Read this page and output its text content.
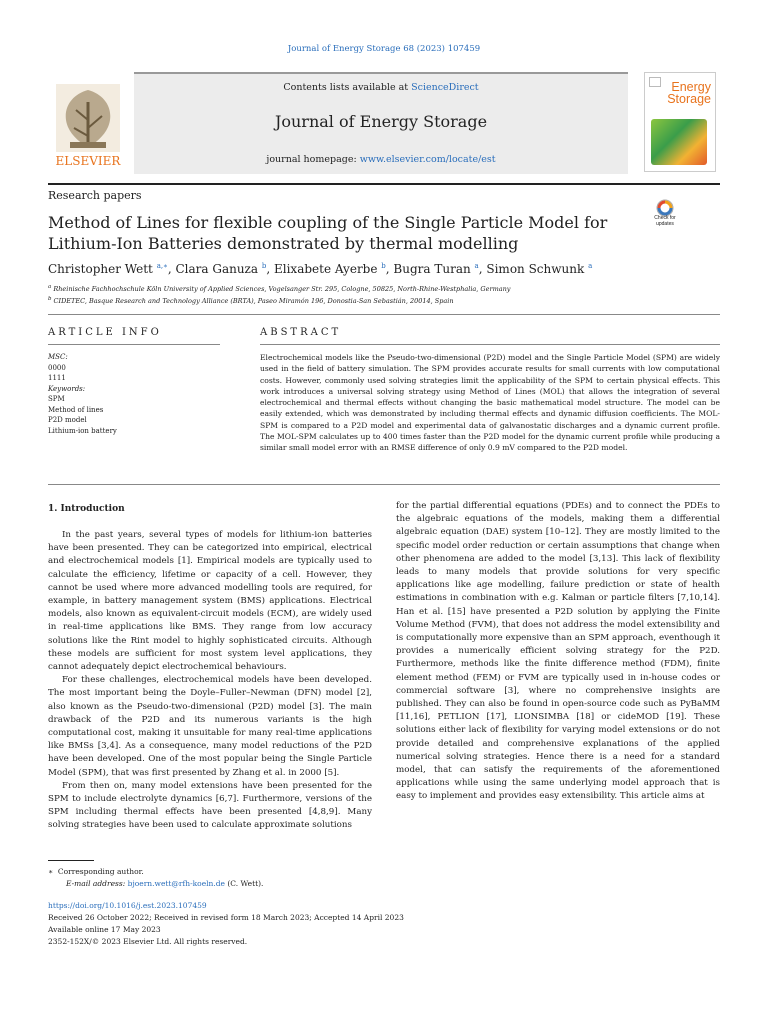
Journal of Energy Storage 68 (2023) 107459
ELSEVIER
Contents lists available at ScienceDirect
Journal of Energy Storage
journal homepage: www.elsevier.com/locate/est
Energy
Storage
Research papers
Method of Lines for flexible coupling of the Single Particle Model for
Lithium-Ion Batteries demonstrated by thermal modelling
Check for updates
Christopher Wett $^{a,∗}$, Clara Ganuza $^b$, Elixabete Ayerbe $^b$, Bugra Turan $^a$, Simon Schwunk $^a$
$^a$ Rheinische Fachhochschule Köln University of Applied Sciences, Vogelsanger Str. 295, Cologne, 50825, North-Rhine-Westphalia, Germany
$^b$ CIDETEC, Basque Research and Technology Alliance (BRTA), Paseo Miramón 196, Donostia-San Sebastián, 20014, Spain
ARTICLE INFO	ABSTRACT
MSC:
0000
1111
Keywords:
SPM
Method of lines
P2D model
Lithium-ion battery
Electrochemical models like the Pseudo-two-dimensional (P2D) model and the Single Particle Model (SPM) are widely used in the field of battery simulation. The SPM provides accurate results for small currents with low computational costs. However, commonly used solving strategies limit the applicability of the SPM to certain physical effects. This work introduces a universal solving strategy using Method of Lines (MOL) that allows the integration of several electrochemical and thermal effects without changing the basic mathematical model structure. The model can be easily extended, which was demonstrated by including thermal effects and dynamic diffusion coefficients. The MOL-SPM is compared to a P2D model and experimental data of galvanostatic discharges and a dynamic current profile. The MOL-SPM calculates up to 400 times faster than the P2D model for the dynamic current profile while producing a similar small model error with an RMSE difference of only 0.9 mV compared to the P2D model.
1. Introduction

In the past years, several types of models for lithium-ion batteries have been presented. They can be categorized into empirical, electrical and electrochemical models [1]. Empirical models are typically used to calculate the efficiency, lifetime or capacity of a cell. However, they cannot be used where more advanced modelling tools are required, for example, in battery management system (BMS) applications. Electrical models, also known as equivalent-circuit models (ECM), are widely used in real-time applications like BMS. They range from low accuracy solutions like the Rint model to highly sophisticated circuits. Although these models are sufficient for most system level applications, they cannot adequately depict electrochemical behaviours.

For these challenges, electrochemical models have been developed. The most important being the Doyle–Fuller–Newman (DFN) model [2], also known as the Pseudo-two-dimensional (P2D) model [3]. The main drawback of the P2D and its numerous variants is the high computational cost, making it unsuitable for many real-time applications like BMSs [3,4]. As a consequence, many model reductions of the P2D have been developed. One of the most popular being the Single Particle Model (SPM), that was first presented by Zhang et al. in 2000 [5].

From then on, many model extensions have been presented for the SPM to include electrolyte dynamics [6,7]. Furthermore, versions of the SPM including thermal effects have been presented [4,8,9]. Many solving strategies have been used to calculate approximate solutions

for the partial differential equations (PDEs) and to connect the PDEs to the algebraic equations of the models, making them a differential algebraic equation (DAE) system [10–12]. They are mostly limited to the specific model order reduction or certain assumptions that change when other phenomena are added to the model [3,13]. This lack of flexibility leads to many models that provide solutions for very specific applications like age modelling, failure prediction or state of health estimations in combination with e.g. Kalman or particle filters [7,10,14]. Han et al. [15] have presented a P2D solution by applying the Finite Volume Method (FVM), that does not address the model extensibility and is computationally more expensive than an SPM approach, eventhough it provides a numerically efficient solving strategy for the P2D. Furthermore, methods like the finite difference method (FDM), finite element method (FEM) or FVM are typically used in in-house codes or commercial software [3], where no comprehensive insights are published. They can also be found in open-source code such as PyBaMM [11,16], PETLION [17], LIONSIMBA [18] or cideMOD [19]. These solutions either lack of flexibility for varying model extensions or do not provide detailed and comprehensive explanations of the applied numerical solving strategies. Hence there is a need for a standard model, that can satisfy the requirements of the aforementioned applications while using the same underlying model approach that is easy to implement and provides easy extensibility. This article aims at

∗ Corresponding author.
E-mail address: bjoern.wett@rfh-koeln.de (C. Wett).
https://doi.org/10.1016/j.est.2023.107459
Received 26 October 2022; Received in revised form 18 March 2023; Accepted 14 April 2023
Available online 17 May 2023
2352-152X/© 2023 Elsevier Ltd. All rights reserved.
